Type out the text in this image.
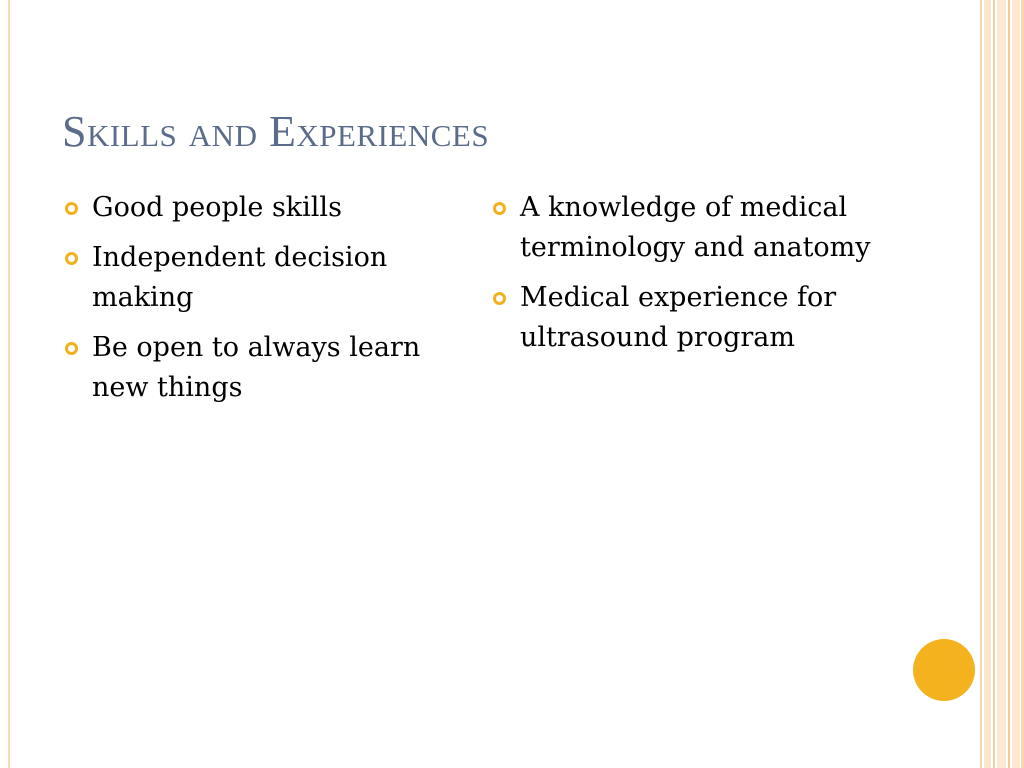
Skills and Experiences
Good people skills
Independent decision making
Be open to always learn new things
A knowledge of medical terminology and anatomy
Medical experience for ultrasound program
